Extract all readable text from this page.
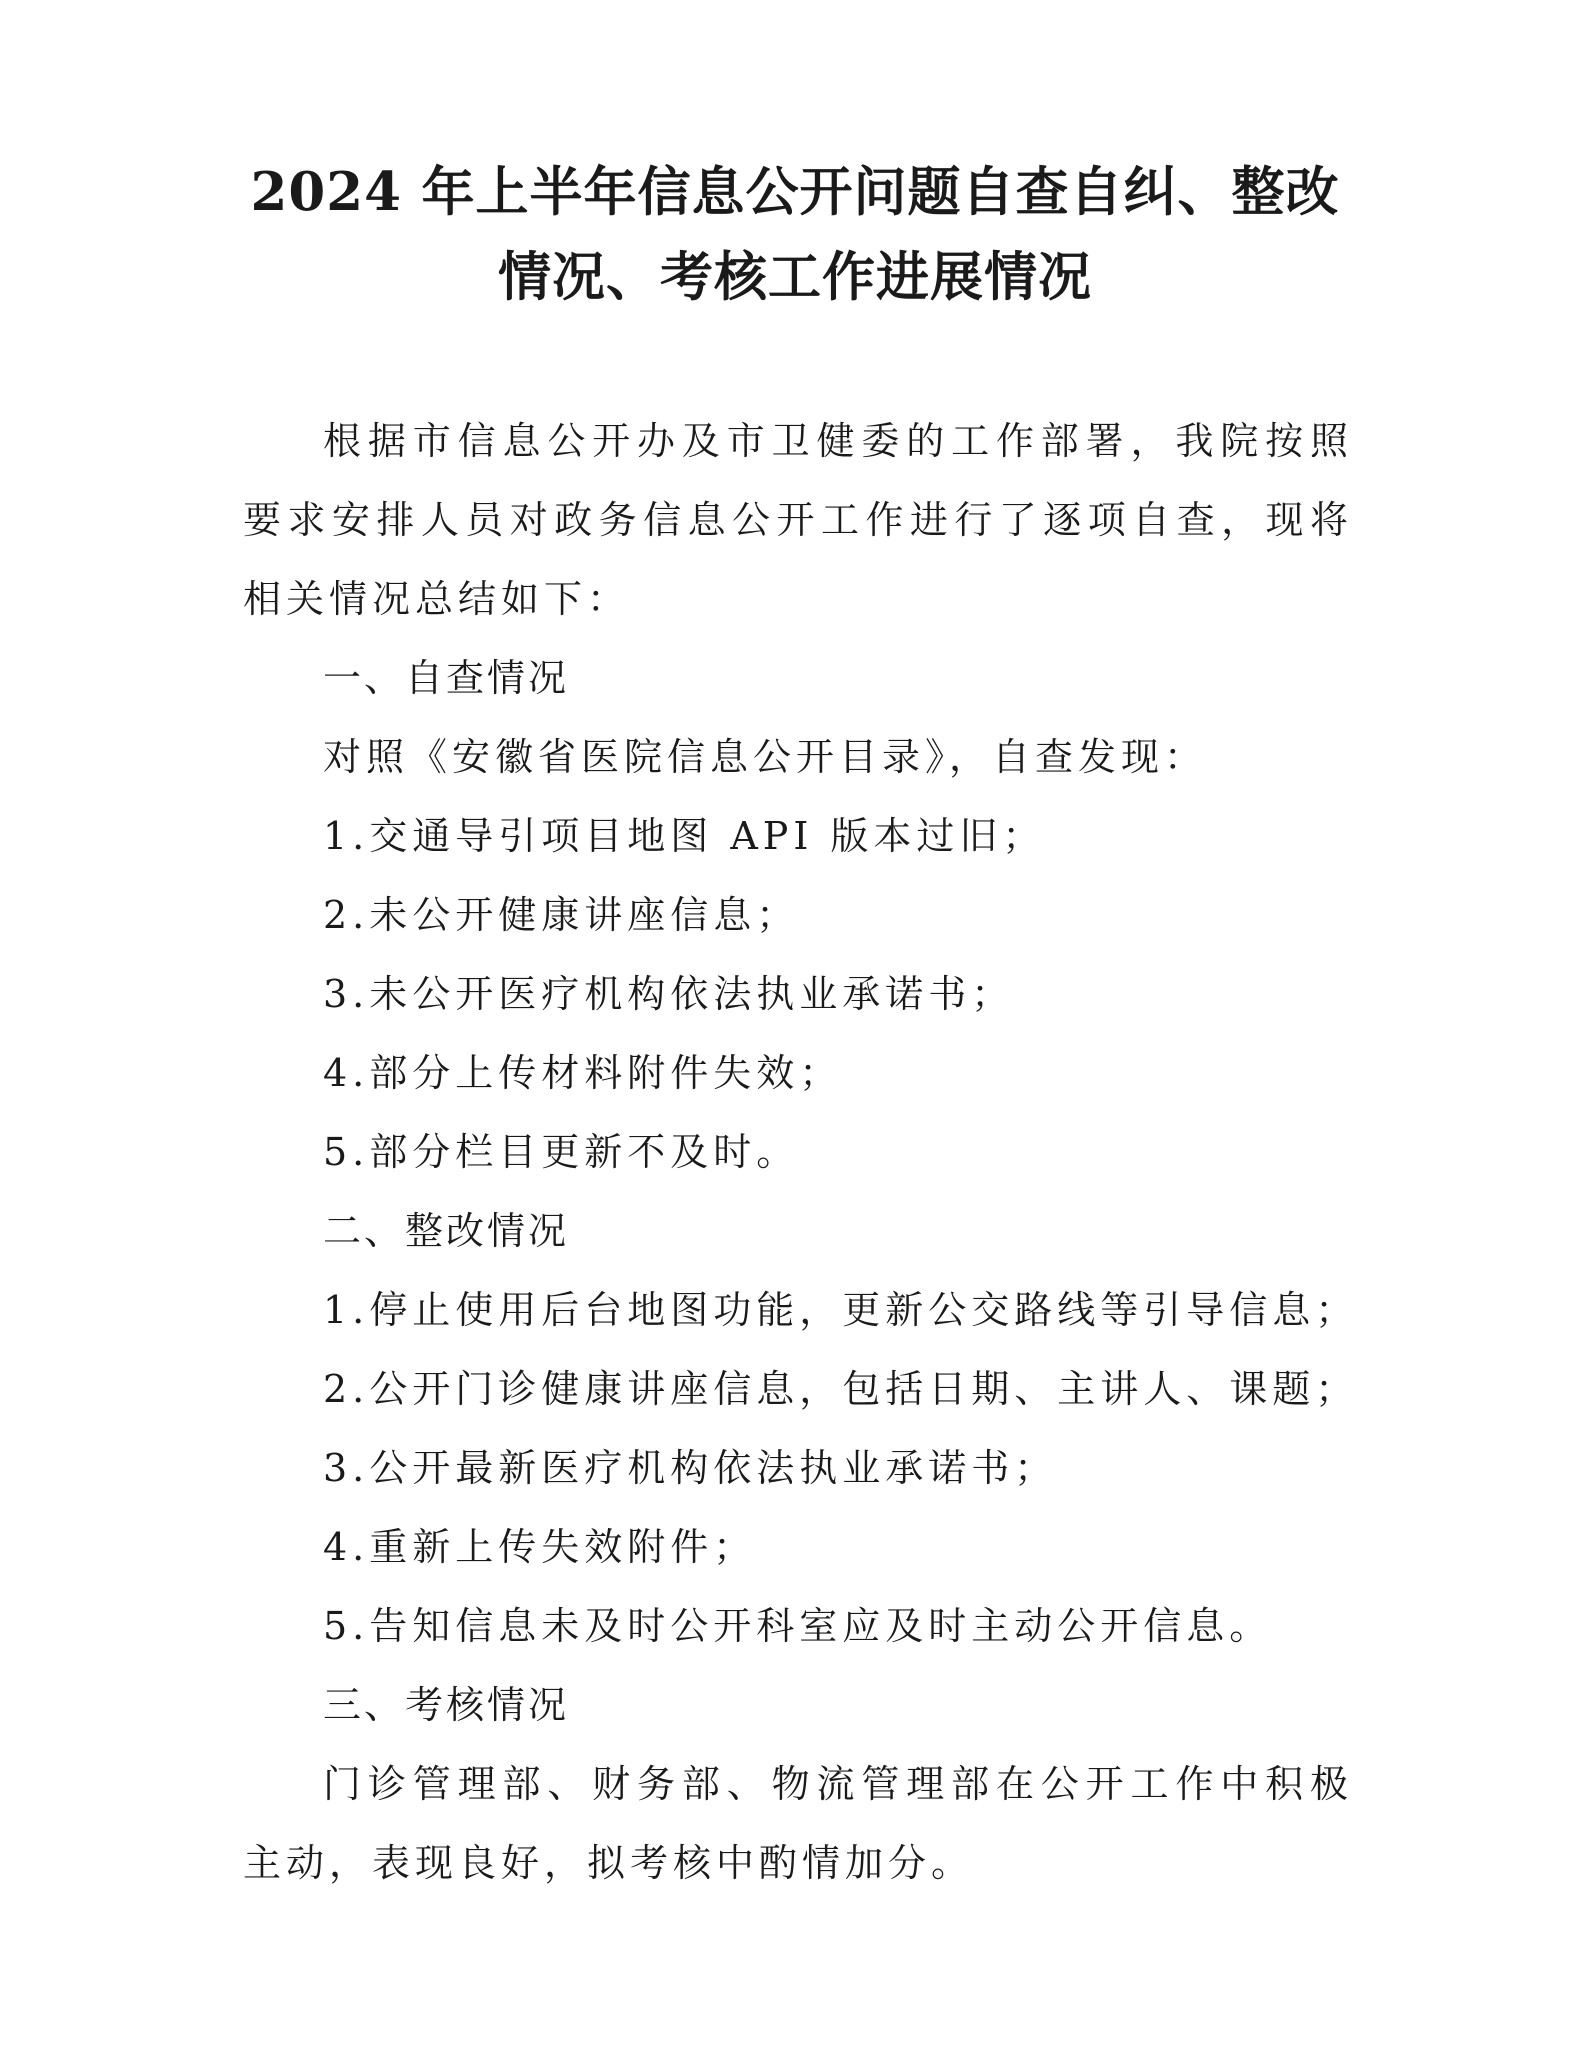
2024 年上半年信息公开问题自查自纠、整改
情况、考核工作进展情况

根据市信息公开办及市卫健委的工作部署，我院按照要求安排人员对政务信息公开工作进行了逐项自查，现将相关情况总结如下：

一、自查情况

对照《安徽省医院信息公开目录》，自查发现：

1.交通导引项目地图 API 版本过旧；
2.未公开健康讲座信息；
3.未公开医疗机构依法执业承诺书；
4.部分上传材料附件失效；
5.部分栏目更新不及时。

二、整改情况

1.停止使用后台地图功能，更新公交路线等引导信息；
2.公开门诊健康讲座信息，包括日期、主讲人、课题；
3.公开最新医疗机构依法执业承诺书；
4.重新上传失效附件；
5.告知信息未及时公开科室应及时主动公开信息。

三、考核情况

门诊管理部、财务部、物流管理部在公开工作中积极主动，表现良好，拟考核中酌情加分。
